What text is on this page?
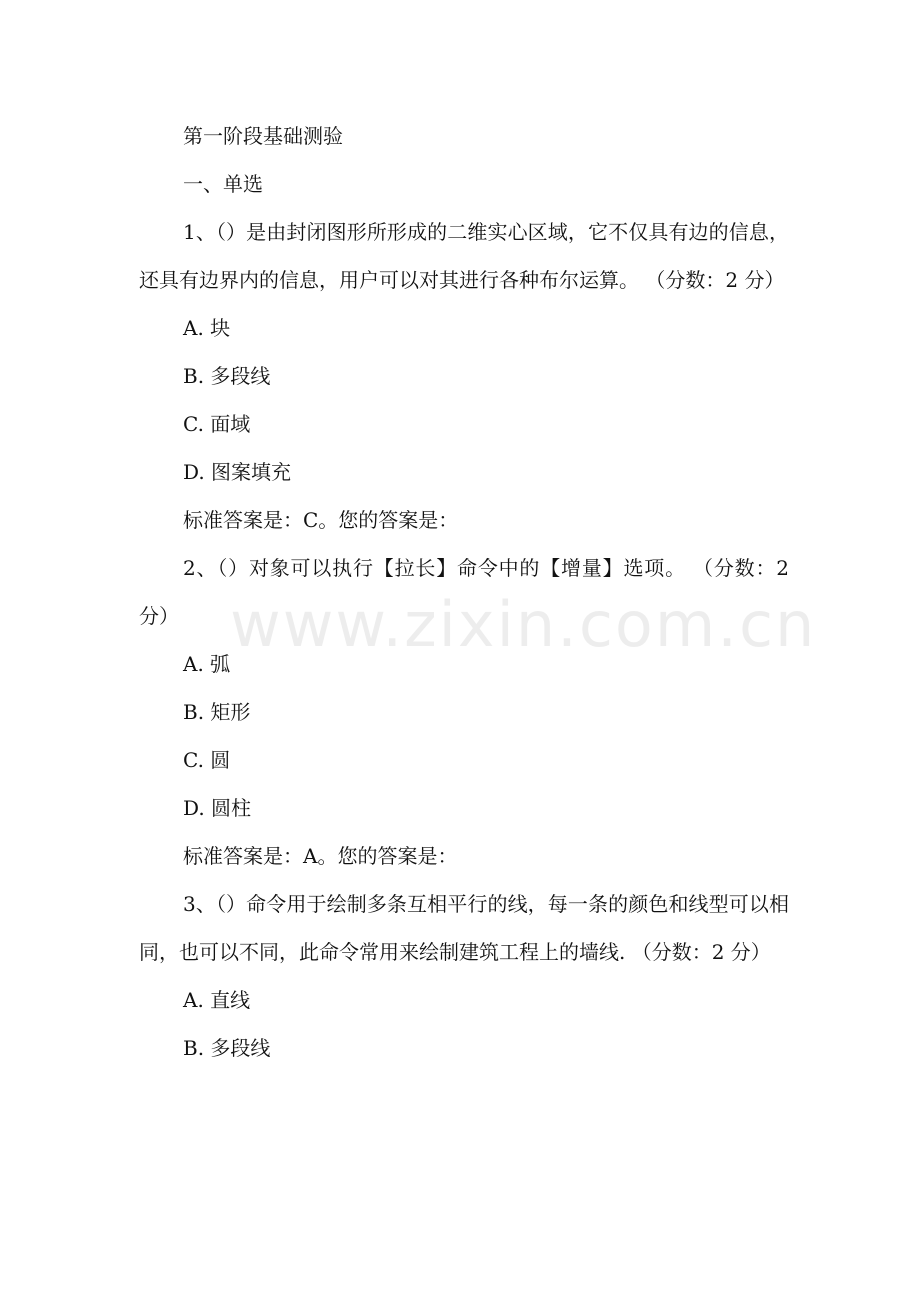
第一阶段基础测验
一、单选
1、（）是由封闭图形所形成的二维实心区域，它不仅具有边的信息，还具有边界内的信息，用户可以对其进行各种布尔运算。 （分数：2 分）
A. 块
B. 多段线
C. 面域
D. 图案填充
标准答案是：C。您的答案是：
2、（）对象可以执行【拉长】命令中的【增量】选项。 （分数：2 分）
A. 弧
B. 矩形
C. 圆
D. 圆柱
标准答案是：A。您的答案是：
3、（）命令用于绘制多条互相平行的线，每一条的颜色和线型可以相同，也可以不同，此命令常用来绘制建筑工程上的墙线. （分数：2 分）
A. 直线
B. 多段线
www.zixin.com.cn
